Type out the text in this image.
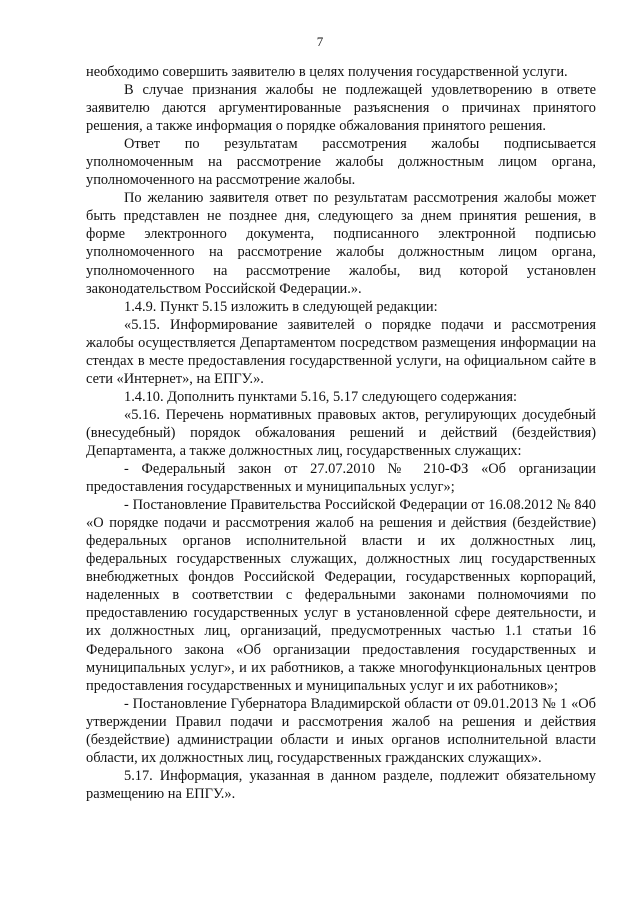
7

необходимо совершить заявителю в целях получения государственной услуги.

В случае признания жалобы не подлежащей удовлетворению в ответе заявителю даются аргументированные разъяснения о причинах принятого решения, а также информация о порядке обжалования принятого решения.

Ответ по результатам рассмотрения жалобы подписывается уполномоченным на рассмотрение жалобы должностным лицом органа, уполномоченного на рассмотрение жалобы.

По желанию заявителя ответ по результатам рассмотрения жалобы может быть представлен не позднее дня, следующего за днем принятия решения, в форме электронного документа, подписанного электронной подписью уполномоченного на рассмотрение жалобы должностным лицом органа, уполномоченного на рассмотрение жалобы, вид которой установлен законодательством Российской Федерации.».

1.4.9. Пункт 5.15 изложить в следующей редакции:

«5.15. Информирование заявителей о порядке подачи и рассмотрения жалобы осуществляется Департаментом посредством размещения информации на стендах в месте предоставления государственной услуги, на официальном сайте в сети «Интернет», на ЕПГУ.».

1.4.10. Дополнить пунктами 5.16, 5.17 следующего содержания:

«5.16. Перечень нормативных правовых актов, регулирующих досудебный (внесудебный) порядок обжалования решений и действий (бездействия) Департамента, а также должностных лиц, государственных служащих:

- Федеральный закон от 27.07.2010 № 210-ФЗ «Об организации предоставления государственных и муниципальных услуг»;

- Постановление Правительства Российской Федерации от 16.08.2012 № 840 «О порядке подачи и рассмотрения жалоб на решения и действия (бездействие) федеральных органов исполнительной власти и их должностных лиц, федеральных государственных служащих, должностных лиц государственных внебюджетных фондов Российской Федерации, государственных корпораций, наделенных в соответствии с федеральными законами полномочиями по предоставлению государственных услуг в установленной сфере деятельности, и их должностных лиц, организаций, предусмотренных частью 1.1 статьи 16 Федерального закона «Об организации предоставления государственных и муниципальных услуг», и их работников, а также многофункциональных центров предоставления государственных и муниципальных услуг и их работников»;

- Постановление Губернатора Владимирской области от 09.01.2013 № 1 «Об утверждении Правил подачи и рассмотрения жалоб на решения и действия (бездействие) администрации области и иных органов исполнительной власти области, их должностных лиц, государственных гражданских служащих».

5.17. Информация, указанная в данном разделе, подлежит обязательному размещению на ЕПГУ.».
